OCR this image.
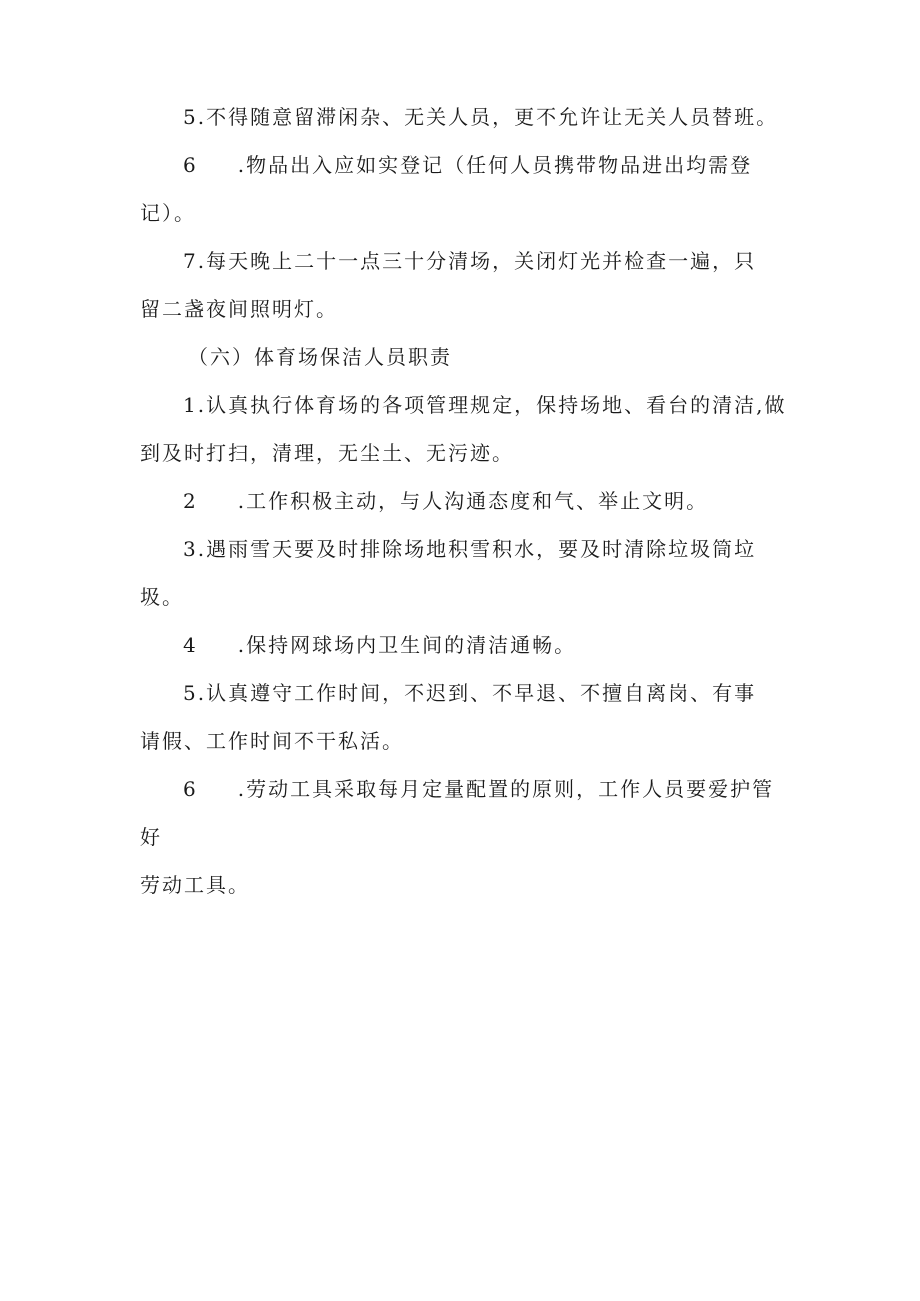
5.不得随意留滞闲杂、无关人员，更不允许让无关人员替班。
6 .物品出入应如实登记（任何人员携带物品进出均需登
记）。
7.每天晚上二十一点三十分清场，关闭灯光并检查一遍，只
留二盏夜间照明灯。
（六）体育场保洁人员职责
1.认真执行体育场的各项管理规定，保持场地、看台的清洁,做
到及时打扫，清理，无尘土、无污迹。
2 .工作积极主动，与人沟通态度和气、举止文明。
3.遇雨雪天要及时排除场地积雪积水，要及时清除垃圾筒垃
圾。
4 .保持网球场内卫生间的清洁通畅。
5.认真遵守工作时间，不迟到、不早退、不擅自离岗、有事
请假、工作时间不干私活。
6 .劳动工具采取每月定量配置的原则，工作人员要爱护管
好
劳动工具。
